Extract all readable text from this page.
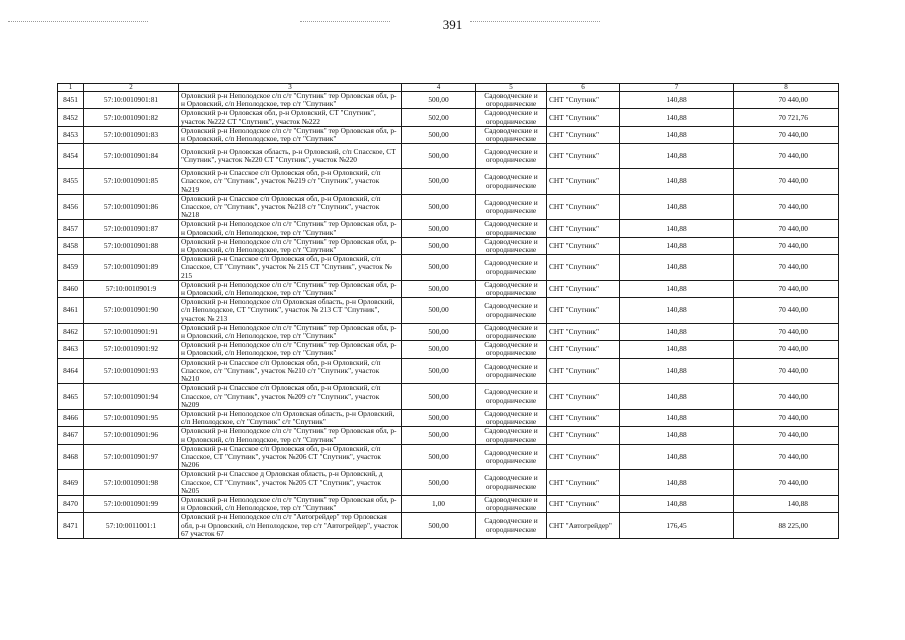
391
1	2	3	4	5	6	7	8
8451	57:10:0010901:81	Орловский р-н Неполодское с/п с/т "Спутник" тер Орловская обл, р-н Орловский, с/п Неполодское, тер с/т "Спутник"	500,00	Садоводческие и огороднические	СНТ "Спутник"	140,88	70 440,00
8452	57:10:0010901:82	Орловский р-н Орловская обл, р-н Орловский, СТ "Спутник", участок №222 СТ "Спутник", участок №222	502,00	Садоводческие и огороднические	СНТ "Спутник"	140,88	70 721,76
8453	57:10:0010901:83	Орловский р-н Неполодское с/п с/т "Спутник" тер Орловская обл, р-н Орловский, с/п Неполодское, тер с/т "Спутник"	500,00	Садоводческие и огороднические	СНТ "Спутник"	140,88	70 440,00
8454	57:10:0010901:84	Орловский р-н Орловская область, р-н Орловский, с/п Спасское, СТ "Спутник", участок №220 СТ "Спутник", участок №220	500,00	Садоводческие и огороднические	СНТ "Спутник"	140,88	70 440,00
8455	57:10:0010901:85	Орловский р-н Спасское с/п Орловская обл, р-н Орловский, с/п Спасское, с/т "Спутник", участок №219 с/т "Спутник", участок №219	500,00	Садоводческие и огороднические	СНТ "Спутник"	140,88	70 440,00
8456	57:10:0010901:86	Орловский р-н Спасское с/п Орловская обл, р-н Орловский, с/п Спасское, с/т "Спутник", участок №218 с/т "Спутник", участок №218	500,00	Садоводческие и огороднические	СНТ "Спутник"	140,88	70 440,00
8457	57:10:0010901:87	Орловский р-н Неполодское с/п с/т "Спутник" тер Орловская обл, р-н Орловский, с/п Неполодское, тер с/т "Спутник"	500,00	Садоводческие и огороднические	СНТ "Спутник"	140,88	70 440,00
8458	57:10:0010901:88	Орловский р-н Неполодское с/п с/т "Спутник" тер Орловская обл, р-н Орловский, с/п Неполодское, тер с/т "Спутник"	500,00	Садоводческие и огороднические	СНТ "Спутник"	140,88	70 440,00
8459	57:10:0010901:89	Орловский р-н Спасское с/п Орловская обл, р-н Орловский, с/п Спасское, СТ "Спутник", участок № 215 СТ "Спутник", участок № 215	500,00	Садоводческие и огороднические	СНТ "Спутник"	140,88	70 440,00
8460	57:10:0010901:9	Орловский р-н Неполодское с/п с/т "Спутник" тер Орловская обл, р-н Орловский, с/п Неполодское, тер с/т "Спутник"	500,00	Садоводческие и огороднические	СНТ "Спутник"	140,88	70 440,00
8461	57:10:0010901:90	Орловский р-н Неполодское с/п Орловская область, р-н Орловский, с/п Неполодское, СТ "Спутник", участок № 213 СТ "Спутник", участок № 213	500,00	Садоводческие и огороднические	СНТ "Спутник"	140,88	70 440,00
8462	57:10:0010901:91	Орловский р-н Неполодское с/п с/т "Спутник" тер Орловская обл, р-н Орловский, с/п Неполодское, тер с/т "Спутник"	500,00	Садоводческие и огороднические	СНТ "Спутник"	140,88	70 440,00
8463	57:10:0010901:92	Орловский р-н Неполодское с/п с/т "Спутник" тер Орловская обл, р-н Орловский, с/п Неполодское, тер с/т "Спутник"	500,00	Садоводческие и огороднические	СНТ "Спутник"	140,88	70 440,00
8464	57:10:0010901:93	Орловский р-н Спасское с/п Орловская обл, р-н Орловский, с/п Спасское, с/т "Спутник", участок №210 с/т "Спутник", участок №210	500,00	Садоводческие и огороднические	СНТ "Спутник"	140,88	70 440,00
8465	57:10:0010901:94	Орловский р-н Спасское с/п Орловская обл, р-н Орловский, с/п Спасское, с/т "Спутник", участок №209 с/т "Спутник", участок №209	500,00	Садоводческие и огороднические	СНТ "Спутник"	140,88	70 440,00
8466	57:10:0010901:95	Орловский р-н Неполодское с/п Орловская область, р-н Орловский, с/п Неполодское, с/т "Спутник" с/т "Спутник"	500,00	Садоводческие и огороднические	СНТ "Спутник"	140,88	70 440,00
8467	57:10:0010901:96	Орловский р-н Неполодское с/п с/т "Спутник" тер Орловская обл, р-н Орловский, с/п Неполодское, тер с/т "Спутник"	500,00	Садоводческие и огороднические	СНТ "Спутник"	140,88	70 440,00
8468	57:10:0010901:97	Орловский р-н Спасское с/п Орловская обл, р-н Орловский, с/п Спасское, СТ "Спутник", участок №206 СТ "Спутник", участок №206	500,00	Садоводческие и огороднические	СНТ "Спутник"	140,88	70 440,00
8469	57:10:0010901:98	Орловский р-н Спасское д Орловская область, р-н Орловский, д Спасское, СТ "Спутник", участок №205 СТ "Спутник", участок №205	500,00	Садоводческие и огороднические	СНТ "Спутник"	140,88	70 440,00
8470	57:10:0010901:99	Орловский р-н Неполодское с/п с/т "Спутник" тер Орловская обл, р-н Орловский, с/п Неполодское, тер с/т "Спутник"	1,00	Садоводческие и огороднические	СНТ "Спутник"	140,88	140,88
8471	57:10:0011001:1	Орловский р-н Неполодское с/п с/т "Автогрейдер" тер Орловская обл, р-н Орловский, с/п Неполодское, тер с/т "Автогрейдер", участок 67 участок 67	500,00	Садоводческие и огороднические	СНТ "Автогрейдер"	176,45	88 225,00
